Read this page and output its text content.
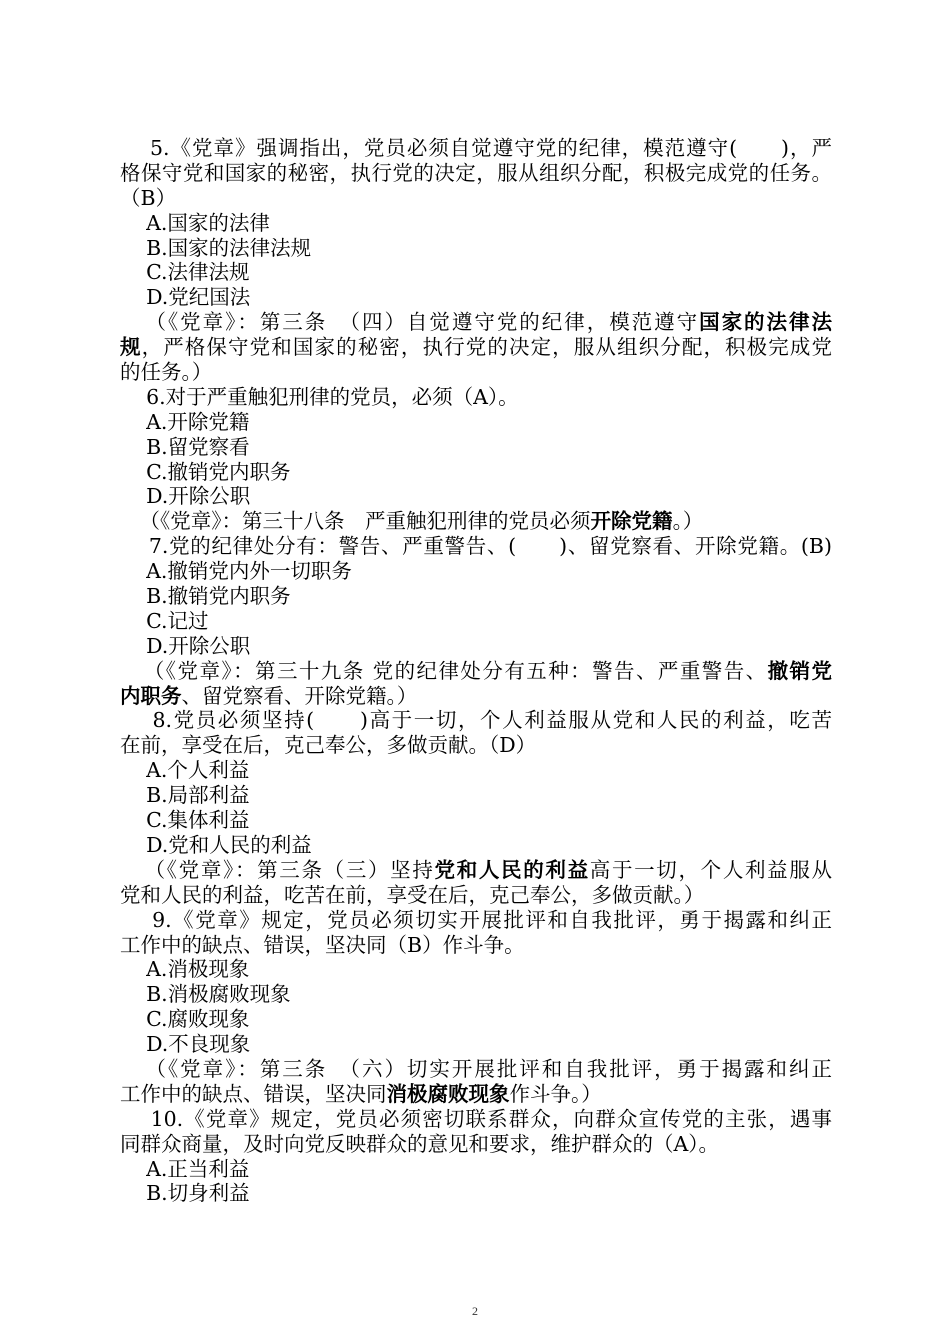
5.《党章》强调指出，党员必须自觉遵守党的纪律，模范遵守(　　)，严
格保守党和国家的秘密，执行党的决定，服从组织分配，积极完成党的任务。
（B）
A.国家的法律
B.国家的法律法规
C.法律法规
D.党纪国法
（《党章》：第三条　（四）自觉遵守党的纪律，模范遵守国家的法律法
规，严格保守党和国家的秘密，执行党的决定，服从组织分配，积极完成党
的任务。）
6.对于严重触犯刑律的党员，必须（A）。
A.开除党籍
B.留党察看
C.撤销党内职务
D.开除公职
（《党章》：第三十八条　严重触犯刑律的党员必须开除党籍。）
7.党的纪律处分有：警告、严重警告、(　　)、留党察看、开除党籍。(B)
A.撤销党内外一切职务
B.撤销党内职务
C.记过
D.开除公职
（《党章》：第三十九条 党的纪律处分有五种：警告、严重警告、撤销党
内职务、留党察看、开除党籍。）
8.党员必须坚持(　　)高于一切，个人利益服从党和人民的利益，吃苦
在前，享受在后，克己奉公，多做贡献。（D）
A.个人利益
B.局部利益
C.集体利益
D.党和人民的利益
（《党章》：第三条（三）坚持党和人民的利益高于一切，个人利益服从
党和人民的利益，吃苦在前，享受在后，克己奉公，多做贡献。）
9.《党章》规定，党员必须切实开展批评和自我批评，勇于揭露和纠正
工作中的缺点、错误，坚决同（B）作斗争。
A.消极现象
B.消极腐败现象
C.腐败现象
D.不良现象
（《党章》：第三条　（六）切实开展批评和自我批评，勇于揭露和纠正
工作中的缺点、错误，坚决同消极腐败现象作斗争。）
10.《党章》规定，党员必须密切联系群众，向群众宣传党的主张，遇事
同群众商量，及时向党反映群众的意见和要求，维护群众的（A）。
A.正当利益
B.切身利益
2
